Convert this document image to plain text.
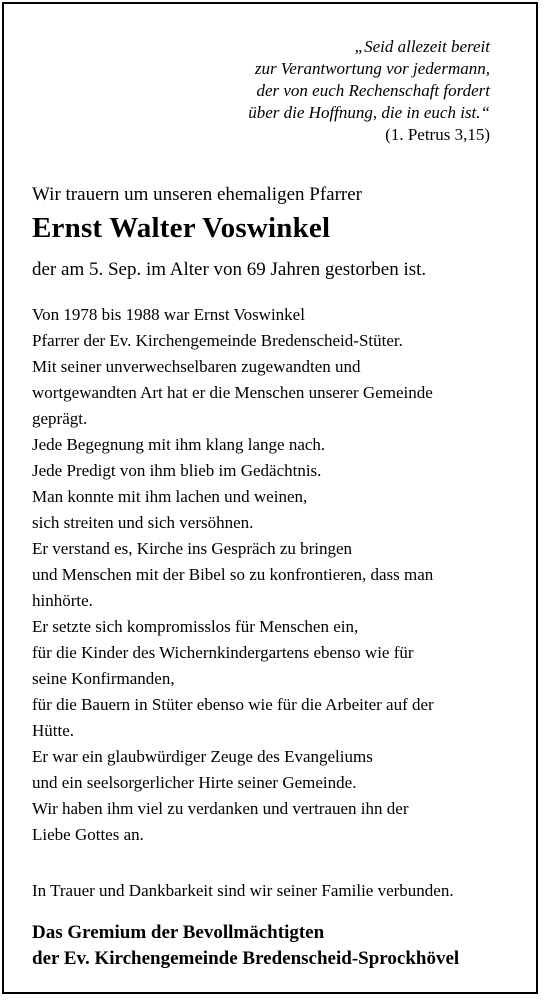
„Seid allezeit bereit
zur Verantwortung vor jedermann,
der von euch Rechenschaft fordert
über die Hoffnung, die in euch ist.“
(1. Petrus 3,15)
Wir trauern um unseren ehemaligen Pfarrer
Ernst Walter Voswinkel
der am 5. Sep. im Alter von 69 Jahren gestorben ist.
Von 1978 bis 1988 war Ernst Voswinkel
Pfarrer der Ev. Kirchengemeinde Bredenscheid-Stüter.
Mit seiner unverwechselbaren zugewandten und
wortgewandten Art hat er die Menschen unserer Gemeinde
geprägt.
Jede Begegnung mit ihm klang lange nach.
Jede Predigt von ihm blieb im Gedächtnis.
Man konnte mit ihm lachen und weinen,
sich streiten und sich versöhnen.
Er verstand es, Kirche ins Gespräch zu bringen
und Menschen mit der Bibel so zu konfrontieren, dass man
hinhörte.
Er setzte sich kompromisslos für Menschen ein,
für die Kinder des Wichernkindergartens ebenso wie für
seine Konfirmanden,
für die Bauern in Stüter ebenso wie für die Arbeiter auf der
Hütte.
Er war ein glaubwürdiger Zeuge des Evangeliums
und ein seelsorgerlicher Hirte seiner Gemeinde.
Wir haben ihm viel zu verdanken und vertrauen ihn der
Liebe Gottes an.
In Trauer und Dankbarkeit sind wir seiner Familie verbunden.
Das Gremium der Bevollmächtigten
der Ev. Kirchengemeinde Bredenscheid-Sprockhövel
